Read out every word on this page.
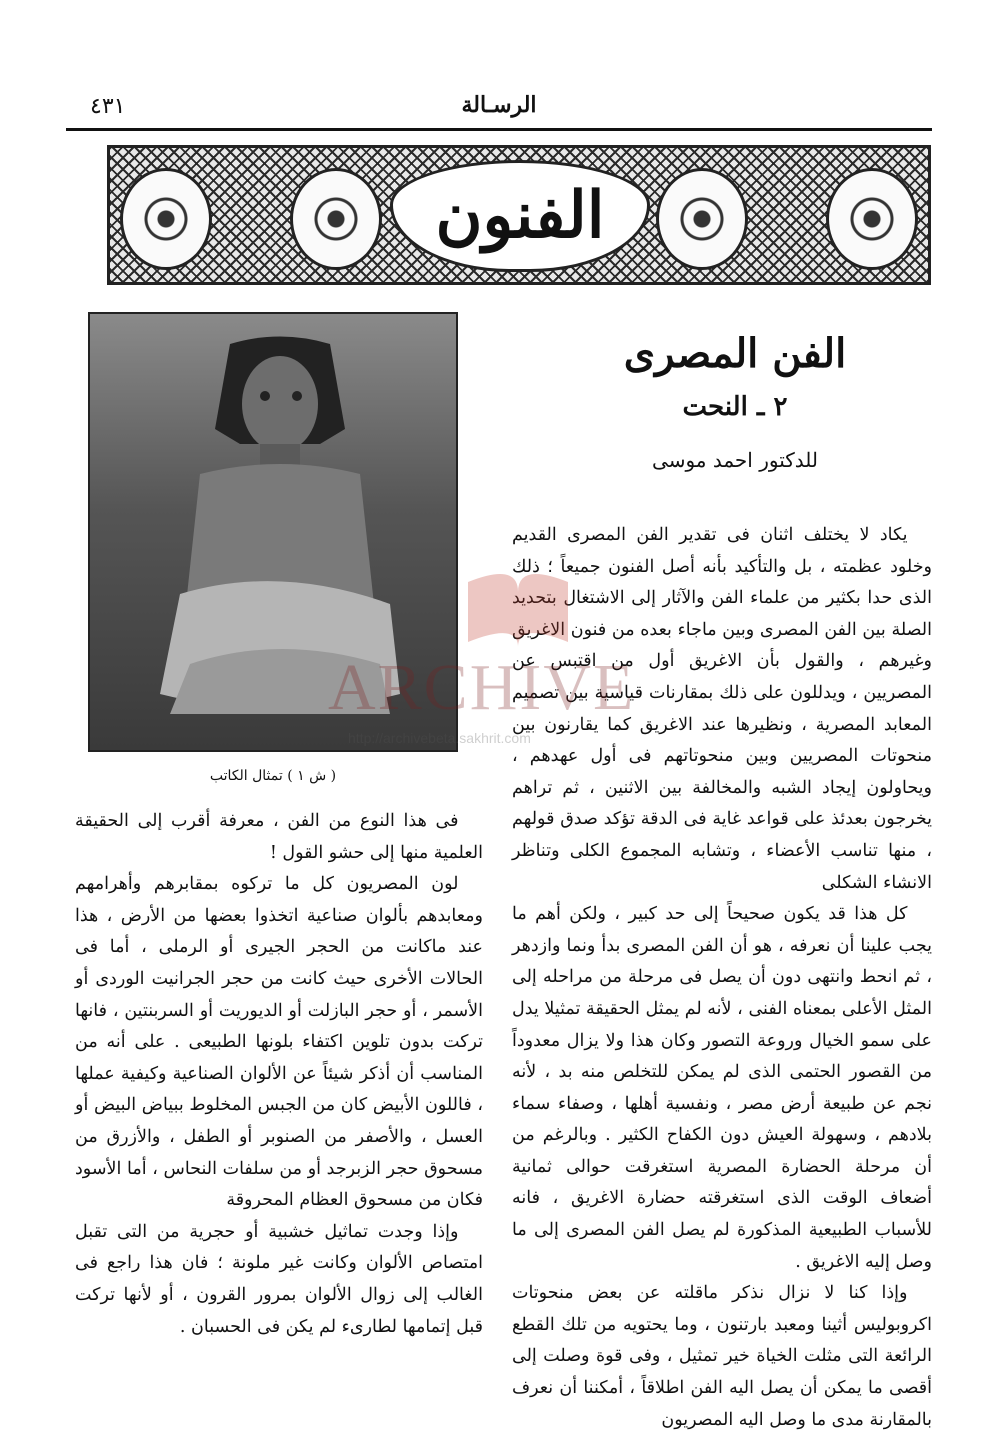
٤٣١	الرسـالة
الفنون
( ش ١ ) تمثال الكاتب
الفن المصرى
٢ ـ النحت
للدكتور احمد موسى

يكاد لا يختلف اثنان فى تقدير الفن المصرى القديم وخلود عظمته ، بل والتأكيد بأنه أصل الفنون جميعاً ؛ ذلك الذى حدا بكثير من علماء الفن والآثار إلى الاشتغال بتحديد الصلة بين الفن المصرى وبين ماجاء بعده من فنون الاغريق وغيرهم ، والقول بأن الاغريق أول من اقتبس عن المصريين ، ويدللون على ذلك بمقارنات قياسية بين تصميم المعابد المصرية ، ونظيرها عند الاغريق كما يقارنون بين منحوتات المصريين وبين منحوتاتهم فى أول عهدهم ، ويحاولون إيجاد الشبه والمخالفة بين الاثنين ، ثم تراهم يخرجون بعدئذ على قواعد غاية فى الدقة تؤكد صدق قولهم ، منها تناسب الأعضاء ، وتشابه المجموع الكلى وتناظر الانشاء الشكلى

كل هذا قد يكون صحيحاً إلى حد كبير ، ولكن أهم ما يجب علينا أن نعرفه ، هو أن الفن المصرى بدأ ونما وازدهر ، ثم انحط وانتهى دون أن يصل فى مرحلة من مراحله إلى المثل الأعلى بمعناه الفنى ، لأنه لم يمثل الحقيقة تمثيلا يدل على سمو الخيال وروعة التصور وكان هذا ولا يزال معدوداً من القصور الحتمى الذى لم يمكن للتخلص منه بد ، لأنه نجم عن طبيعة أرض مصر ، ونفسية أهلها ، وصفاء سماء بلادهم ، وسهولة العيش دون الكفاح الكثير . وبالرغم من أن مرحلة الحضارة المصرية استغرقت حوالى ثمانية أضعاف الوقت الذى استغرقته حضارة الاغريق ، فانه للأسباب الطبيعية المذكورة لم يصل الفن المصرى إلى ما وصل إليه الاغريق .

وإذا كنا لا نزال نذكر ماقلته عن بعض منحوتات اكروبوليس أثينا ومعبد بارتنون ، وما يحتويه من تلك القطع الرائعة التى مثلت الخياة خير تمثيل ، وفى قوة وصلت إلى أقصى ما يمكن أن يصل اليه الفن اطلاقاً ، أمكننا أن نعرف بالمقارنة مدى ما وصل اليه المصريون

فى هذا النوع من الفن ، معرفة أقرب إلى الحقيقة العلمية منها إلى حشو القول !

لون المصريون كل ما تركوه بمقابرهم وأهرامهم ومعابدهم بألوان صناعية اتخذوا بعضها من الأرض ، هذا عند ماكانت من الحجر الجيرى أو الرملى ، أما فى الحالات الأخرى حيث كانت من حجر الجرانيت الوردى أو الأسمر ، أو حجر البازلت أو الديوريت أو السربنتين ، فانها تركت بدون تلوين اكتفاء بلونها الطبيعى . على أنه من المناسب أن أذكر شيئاً عن الألوان الصناعية وكيفية عملها ، فاللون الأبيض كان من الجبس المخلوط ببياض البيض أو العسل ، والأصفر من الصنوبر أو الطفل ، والأزرق من مسحوق حجر الزبرجد أو من سلفات النحاس ، أما الأسود فكان من مسحوق العظام المحروقة

وإذا وجدت تماثيل خشبية أو حجرية من التى تقبل امتصاص الألوان وكانت غير ملونة ؛ فان هذا راجع فى الغالب إلى زوال الألوان بمرور القرون ، أو لأنها تركت قبل إتمامها لطارىء لم يكن فى الحسبان .

ARCHIVE
http://archivebeta.sakhrit.com
